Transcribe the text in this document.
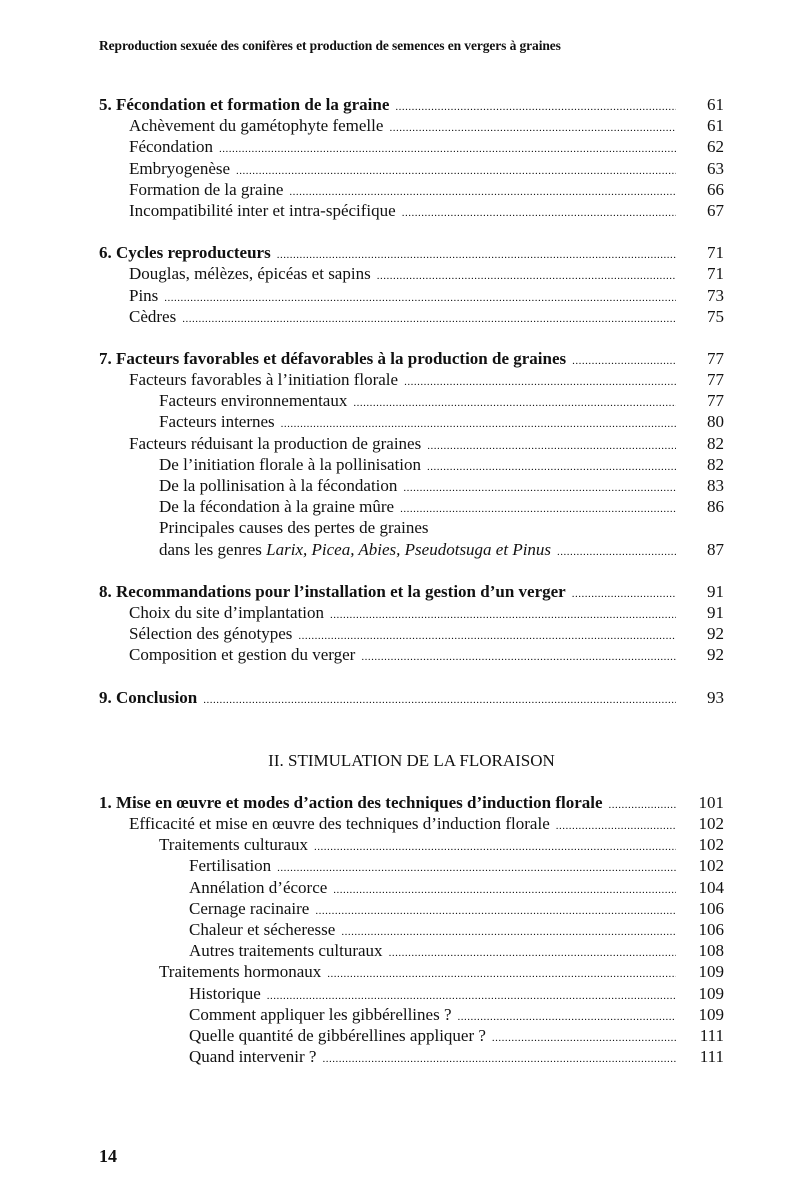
Reproduction sexuée des conifères et production de semences en vergers à graines
5. Fécondation et formation de la graine .....	61
Achèvement du gamétophyte femelle .....	61
Fécondation .....	62
Embryogenèse .....	63
Formation de la graine .....	66
Incompatibilité inter et intra-spécifique .....	67
6. Cycles reproducteurs .....	71
Douglas, mélèzes, épicéas et sapins .....	71
Pins .....	73
Cèdres .....	75
7. Facteurs favorables et défavorables à la production de graines .....	77
Facteurs favorables à l’initiation florale .....	77
Facteurs environnementaux .....	77
Facteurs internes .....	80
Facteurs réduisant la production de graines .....	82
De l’initiation florale à la pollinisation .....	82
De la pollinisation à la fécondation .....	83
De la fécondation à la graine mûre .....	86
Principales causes des pertes de graines
dans les genres Larix, Picea, Abies, Pseudotsuga et Pinus .....	87
8. Recommandations pour l’installation et la gestion d’un verger .....	91
Choix du site d’implantation .....	91
Sélection des génotypes .....	92
Composition et gestion du verger .....	92
9. Conclusion .....	93
II. STIMULATION DE LA FLORAISON
1. Mise en œuvre et modes d’action des techniques d’induction florale .....	101
Efficacité et mise en œuvre des techniques d’induction florale .....	102
Traitements culturaux .....	102
Fertilisation .....	102
Annélation d’écorce .....	104
Cernage racinaire .....	106
Chaleur et sécheresse .....	106
Autres traitements culturaux .....	108
Traitements hormonaux .....	109
Historique .....	109
Comment appliquer les gibbérellines ? .....	109
Quelle quantité de gibbérellines appliquer ? .....	111
Quand intervenir ? .....	111
14
